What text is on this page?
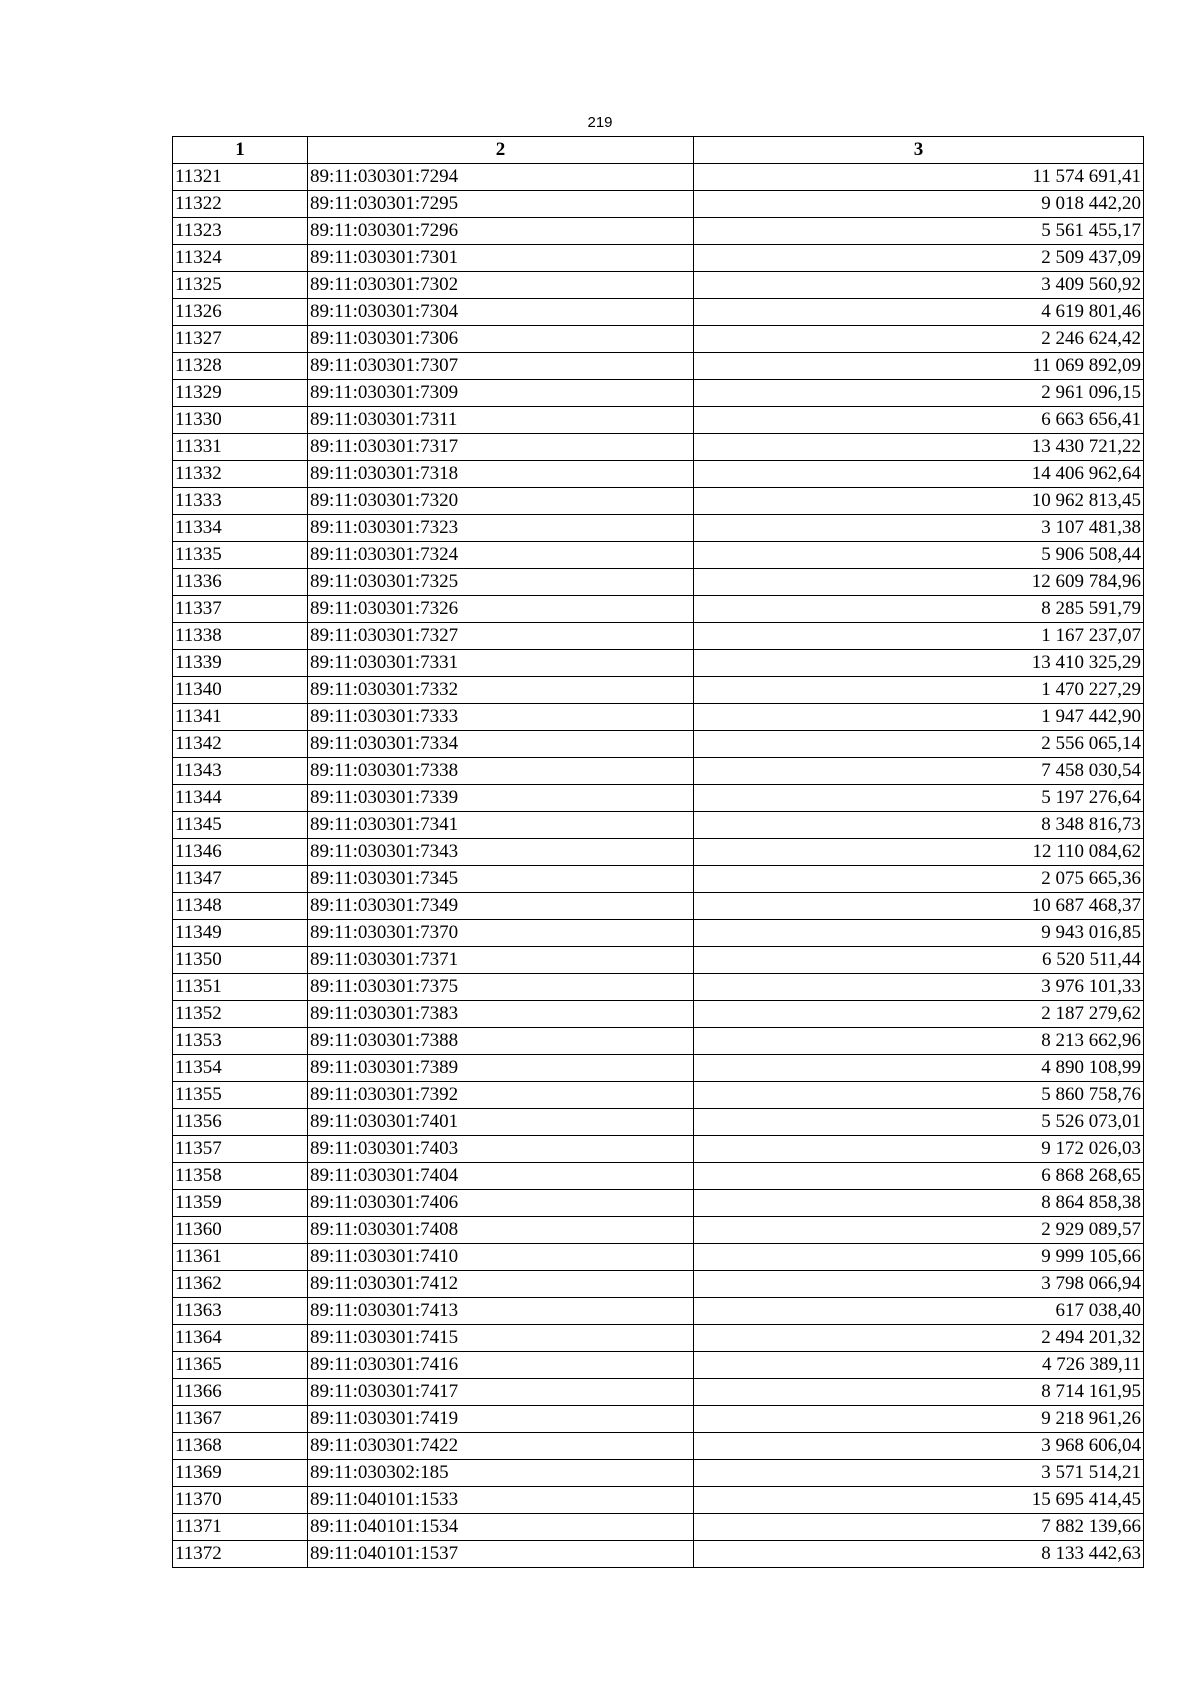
219
1	2	3
11321	89:11:030301:7294	11 574 691,41
11322	89:11:030301:7295	9 018 442,20
11323	89:11:030301:7296	5 561 455,17
11324	89:11:030301:7301	2 509 437,09
11325	89:11:030301:7302	3 409 560,92
11326	89:11:030301:7304	4 619 801,46
11327	89:11:030301:7306	2 246 624,42
11328	89:11:030301:7307	11 069 892,09
11329	89:11:030301:7309	2 961 096,15
11330	89:11:030301:7311	6 663 656,41
11331	89:11:030301:7317	13 430 721,22
11332	89:11:030301:7318	14 406 962,64
11333	89:11:030301:7320	10 962 813,45
11334	89:11:030301:7323	3 107 481,38
11335	89:11:030301:7324	5 906 508,44
11336	89:11:030301:7325	12 609 784,96
11337	89:11:030301:7326	8 285 591,79
11338	89:11:030301:7327	1 167 237,07
11339	89:11:030301:7331	13 410 325,29
11340	89:11:030301:7332	1 470 227,29
11341	89:11:030301:7333	1 947 442,90
11342	89:11:030301:7334	2 556 065,14
11343	89:11:030301:7338	7 458 030,54
11344	89:11:030301:7339	5 197 276,64
11345	89:11:030301:7341	8 348 816,73
11346	89:11:030301:7343	12 110 084,62
11347	89:11:030301:7345	2 075 665,36
11348	89:11:030301:7349	10 687 468,37
11349	89:11:030301:7370	9 943 016,85
11350	89:11:030301:7371	6 520 511,44
11351	89:11:030301:7375	3 976 101,33
11352	89:11:030301:7383	2 187 279,62
11353	89:11:030301:7388	8 213 662,96
11354	89:11:030301:7389	4 890 108,99
11355	89:11:030301:7392	5 860 758,76
11356	89:11:030301:7401	5 526 073,01
11357	89:11:030301:7403	9 172 026,03
11358	89:11:030301:7404	6 868 268,65
11359	89:11:030301:7406	8 864 858,38
11360	89:11:030301:7408	2 929 089,57
11361	89:11:030301:7410	9 999 105,66
11362	89:11:030301:7412	3 798 066,94
11363	89:11:030301:7413	617 038,40
11364	89:11:030301:7415	2 494 201,32
11365	89:11:030301:7416	4 726 389,11
11366	89:11:030301:7417	8 714 161,95
11367	89:11:030301:7419	9 218 961,26
11368	89:11:030301:7422	3 968 606,04
11369	89:11:030302:185	3 571 514,21
11370	89:11:040101:1533	15 695 414,45
11371	89:11:040101:1534	7 882 139,66
11372	89:11:040101:1537	8 133 442,63
